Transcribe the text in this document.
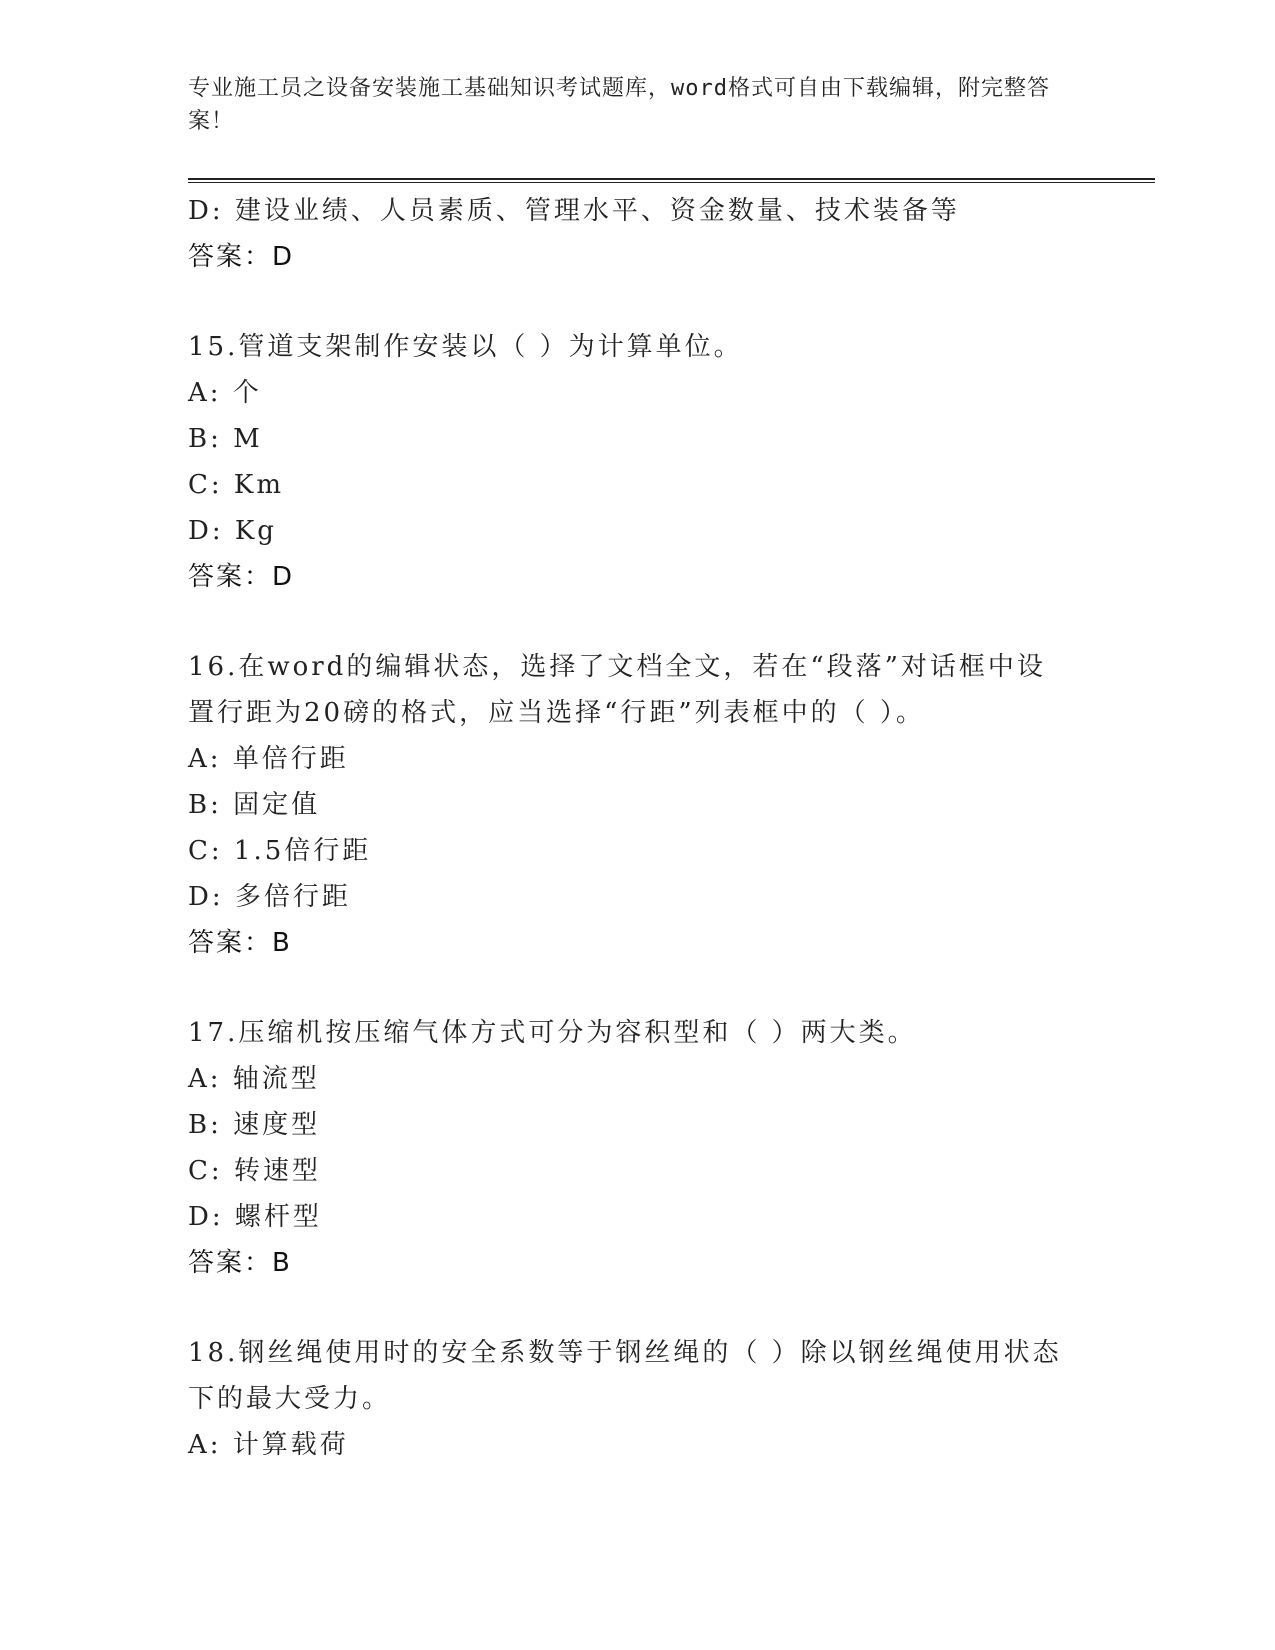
专业施工员之设备安装施工基础知识考试题库，word格式可自由下载编辑，附完整答案！
D: 建设业绩、人员素质、管理水平、资金数量、技术装备等
答案：D
15.管道支架制作安装以（ ）为计算单位。
A: 个
B: M
C: Km
D: Kg
答案：D
16.在word的编辑状态，选择了文档全文，若在“段落”对话框中设置行距为20磅的格式，应当选择“行距”列表框中的（ ）。
A: 单倍行距
B: 固定值
C: 1.5倍行距
D: 多倍行距
答案：B
17.压缩机按压缩气体方式可分为容积型和（ ）两大类。
A: 轴流型
B: 速度型
C: 转速型
D: 螺杆型
答案：B
18.钢丝绳使用时的安全系数等于钢丝绳的（ ）除以钢丝绳使用状态下的最大受力。
A: 计算载荷
